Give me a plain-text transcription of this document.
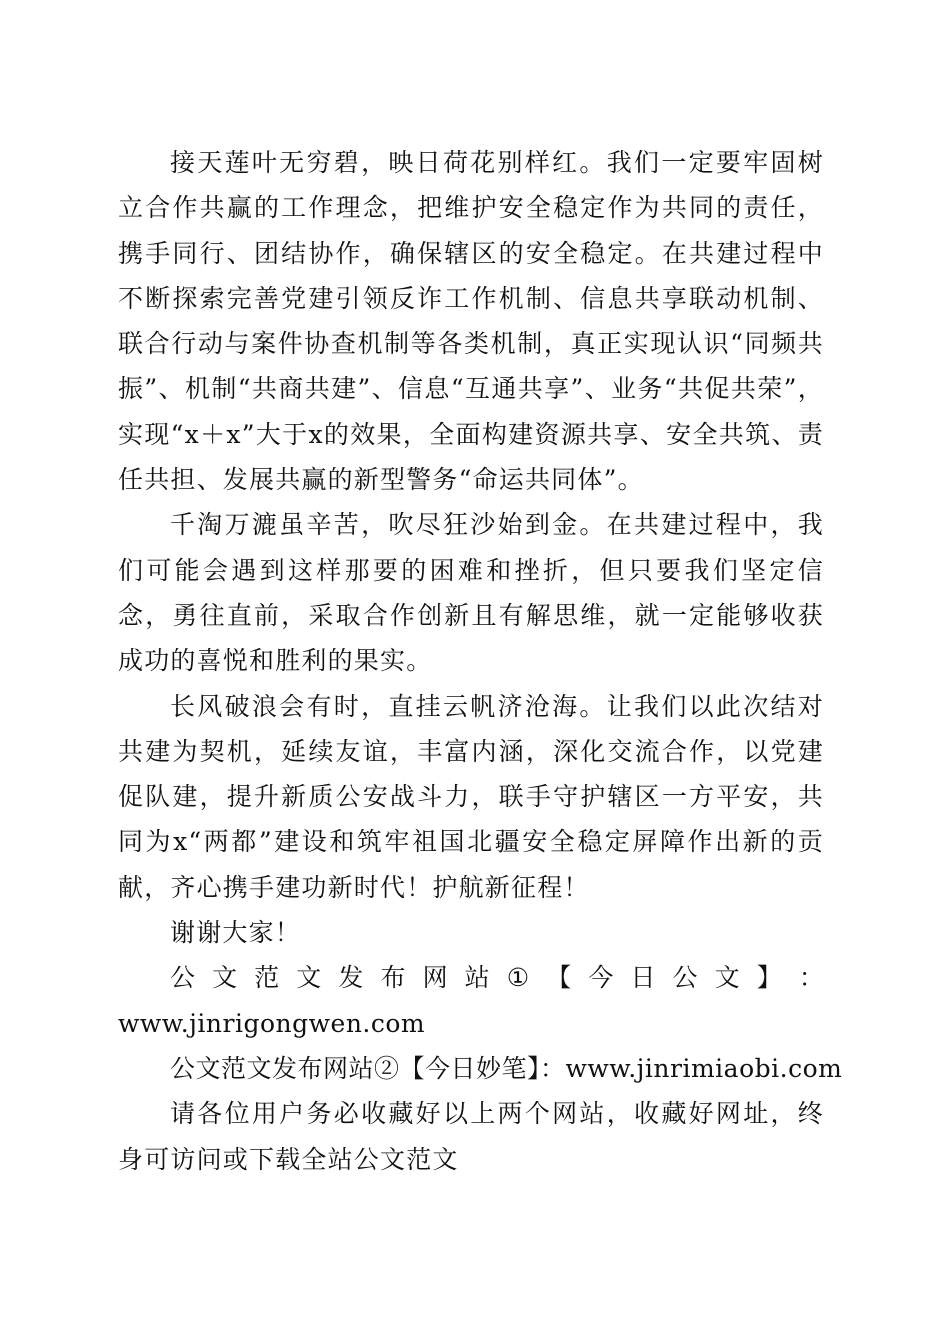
接天莲叶无穷碧，映日荷花别样红。我们一定要牢固树立合作共赢的工作理念，把维护安全稳定作为共同的责任，携手同行、团结协作，确保辖区的安全稳定。在共建过程中不断探索完善党建引领反诈工作机制、信息共享联动机制、联合行动与案件协查机制等各类机制，真正实现认识“同频共振”、机制“共商共建”、信息“互通共享”、业务“共促共荣”，实现“x＋x”大于x的效果，全面构建资源共享、安全共筑、责任共担、发展共赢的新型警务“命运共同体”。

千淘万漉虽辛苦，吹尽狂沙始到金。在共建过程中，我们可能会遇到这样那要的困难和挫折，但只要我们坚定信念，勇往直前，采取合作创新且有解思维，就一定能够收获成功的喜悦和胜利的果实。

长风破浪会有时，直挂云帆济沧海。让我们以此次结对共建为契机，延续友谊，丰富内涵，深化交流合作，以党建促队建，提升新质公安战斗力，联手守护辖区一方平安，共同为x“两都”建设和筑牢祖国北疆安全稳定屏障作出新的贡献，齐心携手建功新时代！护航新征程！

谢谢大家！

公 文 范 文 发 布 网 站 ① 【 今 日 公 文 】 ：

www.jinrigongwen.com

公文范文发布网站②【今日妙笔】：www.jinrimiaobi.com

请各位用户务必收藏好以上两个网站，收藏好网址，终身可访问或下载全站公文范文
